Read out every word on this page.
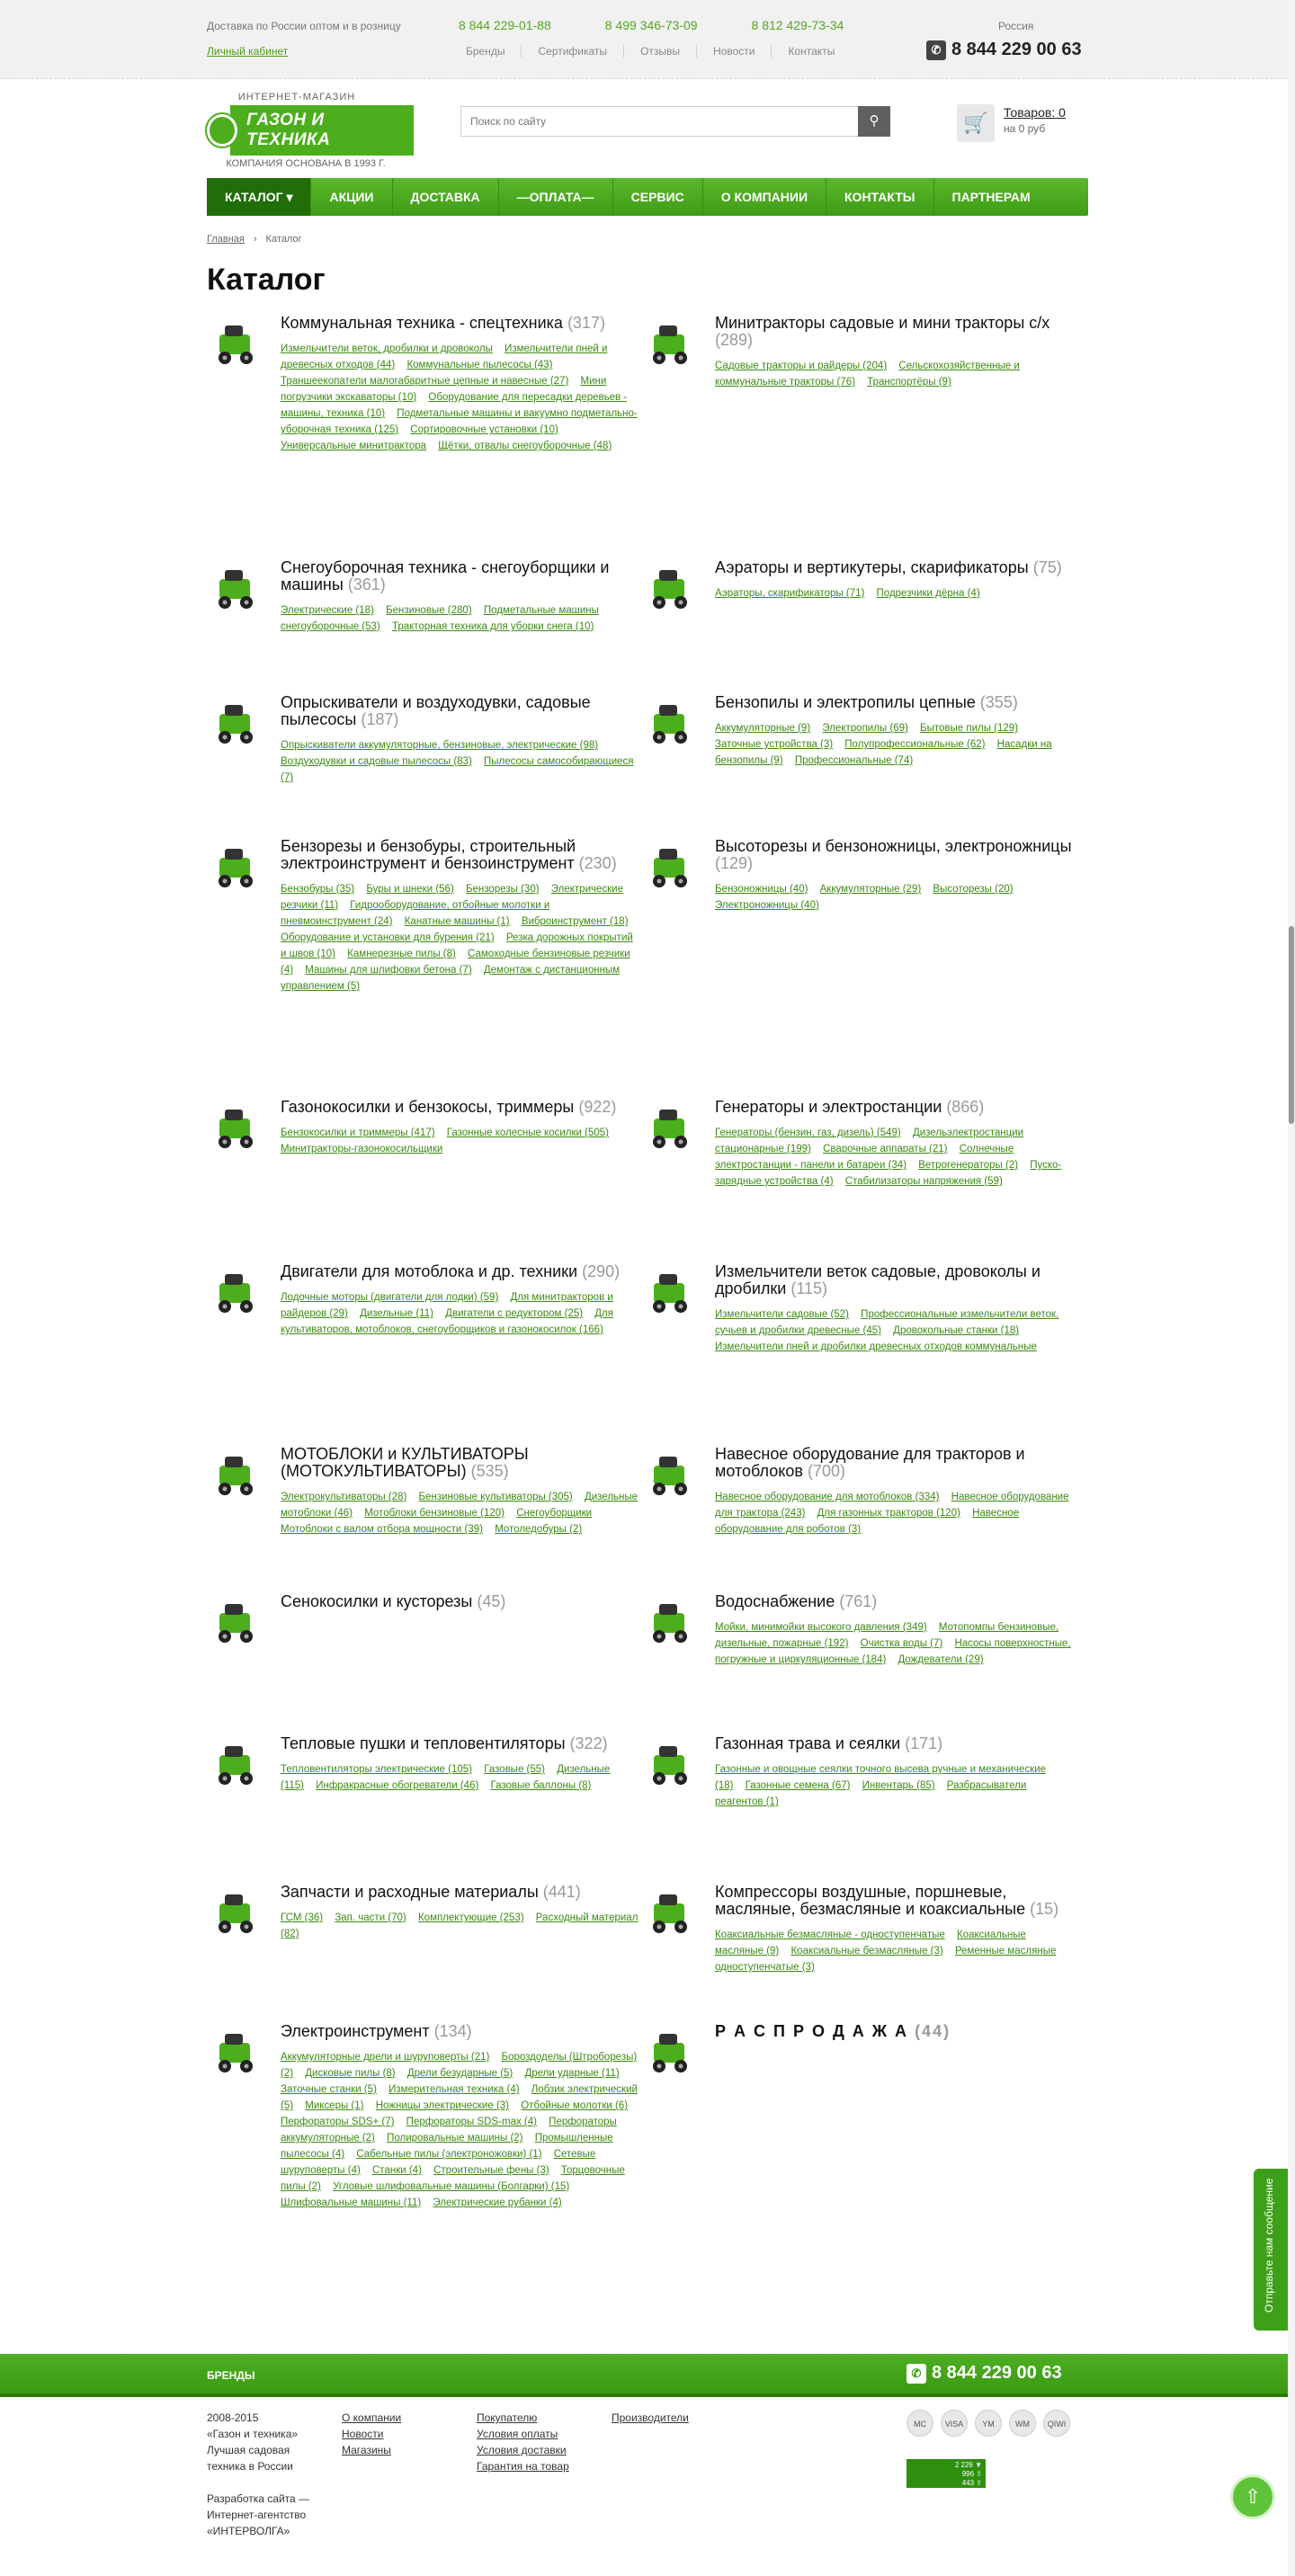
Доставка по России оптом и в розницу
Личный кабинет
8 844 229-01-88	8 499 346-73-09	8 812 429-73-34
Бренды	Сертификаты	Отзывы	Новости	Контакты
Россия
✆ 8 844 229 00 63
ИНТЕРНЕТ-МАГАЗИН
ГАЗОН И ТЕХНИКА
КОМПАНИЯ ОСНОВАНА В 1993 Г.
Поиск по сайту
⚲	🛒	Товаров: 0
на 0 руб
КАТАЛОГ ▾	АКЦИИ	ДОСТАВКА	—ОПЛАТА—	СЕРВИС	О КОМПАНИИ	КОНТАКТЫ	ПАРТНЕРАМ
Главная › Каталог
Каталог
Коммунальная техника - спецтехника (317)
Измельчители веток, дробилки и дровоколы Измельчители пней и древесных отходов (44) Коммунальные пылесосы (43) Траншеекопатели малогабаритные цепные и навесные (27) Мини погрузчики экскаваторы (10) Оборудование для пересадки деревьев - машины, техника (10) Подметальные машины и вакуумно подметально-уборочная техника (125) Сортировочные установки (10) Универсальные минитрактора Щётки, отвалы снегоуборочные (48)
Минитракторы садовые и мини тракторы с/х (289)
Садовые тракторы и райдеры (204) Сельскохозяйственные и коммунальные тракторы (76) Транспортёры (9)
Снегоуборочная техника - снегоуборщики и машины (361)
Электрические (18) Бензиновые (280) Подметальные машины снегоуборочные (53) Тракторная техника для уборки снега (10)
Аэраторы и вертикутеры, скарификаторы (75)
Аэраторы, скарификаторы (71) Подрезчики дёрна (4)
Опрыскиватели и воздуходувки, садовые пылесосы (187)
Опрыскиватели аккумуляторные, бензиновые, электрические (98) Воздуходувки и садовые пылесосы (83) Пылесосы самособирающиеся (7)
Бензопилы и электропилы цепные (355)
Аккумуляторные (9) Электропилы (69) Бытовые пилы (129) Заточные устройства (3) Полупрофессиональные (62) Насадки на бензопилы (9) Профессиональные (74)
Бензорезы и бензобуры, строительный электроинструмент и бензоинструмент (230)
Бензобуры (35) Буры и шнеки (56) Бензорезы (30) Электрические резчики (11) Гидрооборудование, отбойные молотки и пневмоинструмент (24) Канатные машины (1) Виброинструмент (18) Оборудование и установки для бурения (21) Резка дорожных покрытий и швов (10) Камнерезные пилы (8) Самоходные бензиновые резчики (4) Машины для шлифовки бетона (7) Демонтаж с дистанционным управлением (5)
Высоторезы и бензоножницы, электроножницы (129)
Бензоножницы (40) Аккумуляторные (29) Высоторезы (20) Электроножницы (40)
Газонокосилки и бензокосы, триммеры (922)
Бензокосилки и триммеры (417) Газонные колесные косилки (505) Минитракторы-газонокосильщики
Генераторы и электростанции (866)
Генераторы (бензин, газ, дизель) (549) Дизельэлектростанции стационарные (199) Сварочные аппараты (21) Солнечные электростанции - панели и батареи (34) Ветрогенераторы (2) Пуско-зарядные устройства (4) Стабилизаторы напряжения (59)
Двигатели для мотоблока и др. техники (290)
Лодочные моторы (двигатели для лодки) (59) Для минитракторов и райдеров (29) Дизельные (11) Двигатели с редуктором (25) Для культиваторов, мотоблоков, снегоуборщиков и газонокосилок (166)
Измельчители веток садовые, дровоколы и дробилки (115)
Измельчители садовые (52) Профессиональные измельчители веток, сучьев и дробилки древесные (45) Дровокольные станки (18) Измельчители пней и дробилки древесных отходов коммунальные
МОТОБЛОКИ и КУЛЬТИВАТОРЫ (МОТОКУЛЬТИВАТОРЫ) (535)
Электрокультиваторы (28) Бензиновые культиваторы (305) Дизельные мотоблоки (46) Мотоблоки бензиновые (120) Снегоуборщики Мотоблоки с валом отбора мощности (39) Мотоледобуры (2)
Навесное оборудование для тракторов и мотоблоков (700)
Навесное оборудование для мотоблоков (334) Навесное оборудование для трактора (243) Для газонных тракторов (120) Навесное оборудование для роботов (3)
Сенокосилки и кусторезы (45)	Водоснабжение (761)
Мойки, минимойки высокого давления (349) Мотопомпы бензиновые, дизельные, пожарные (192) Очистка воды (7) Насосы поверхностные, погружные и циркуляционные (184) Дождеватели (29)
Тепловые пушки и тепловентиляторы (322)
Тепловентиляторы электрические (105) Газовые (55) Дизельные (115) Инфракрасные обогреватели (46) Газовые баллоны (8)
Газонная трава и сеялки (171)
Газонные и овощные сеялки точного высева ручные и механические (18) Газонные семена (67) Инвентарь (85) Разбрасыватели реагентов (1)
Запчасти и расходные материалы (441)
ГСМ (36) Зап. части (70) Комплектующие (253) Расходный материал (82)
Компрессоры воздушные, поршневые, масляные, безмасляные и коаксиальные (15)
Коаксиальные безмасляные - одноступенчатые Коаксиальные масляные (9) Коаксиальные безмасляные (3) Ременные масляные одноступенчатые (3)
Электроинструмент (134)
Аккумуляторные дрели и шуруповерты (21) Бороздоделы (Штроборезы) (2) Дисковые пилы (8) Дрели безударные (5) Дрели ударные (11) Заточные станки (5) Измерительная техника (4) Лобзик электрический (5) Миксеры (1) Ножницы электрические (3) Отбойные молотки (6) Перфораторы SDS+ (7) Перфораторы SDS-max (4) Перфораторы аккумуляторные (2) Полировальные машины (2) Промышленные пылесосы (4) Сабельные пилы (электроножовки) (1) Сетевые шуруповерты (4) Станки (4) Строительные фены (3) Торцовочные пилы (2) Угловые шлифовальные машины (Болгарки) (15) Шлифовальные машины (11) Электрические рубанки (4)
Р А С П Р О Д А Ж А (44)
БРЕНДЫ	✆ 8 844 229 00 63
2008-2015
«Газон и техника»
Лучшая садовая техника в России
Разработка сайта —
Интернет-агентство
«ИНТЕРВОЛГА»
О компании
Новости
Магазины
Покупателю
Условия оплаты
Условия доставки
Гарантия на товар
Производители	MC	VISA	YM	WM	QIWI
2 226 ▼
996 ⇧
443 ⇧
Отправьте нам сообщение
⇧
